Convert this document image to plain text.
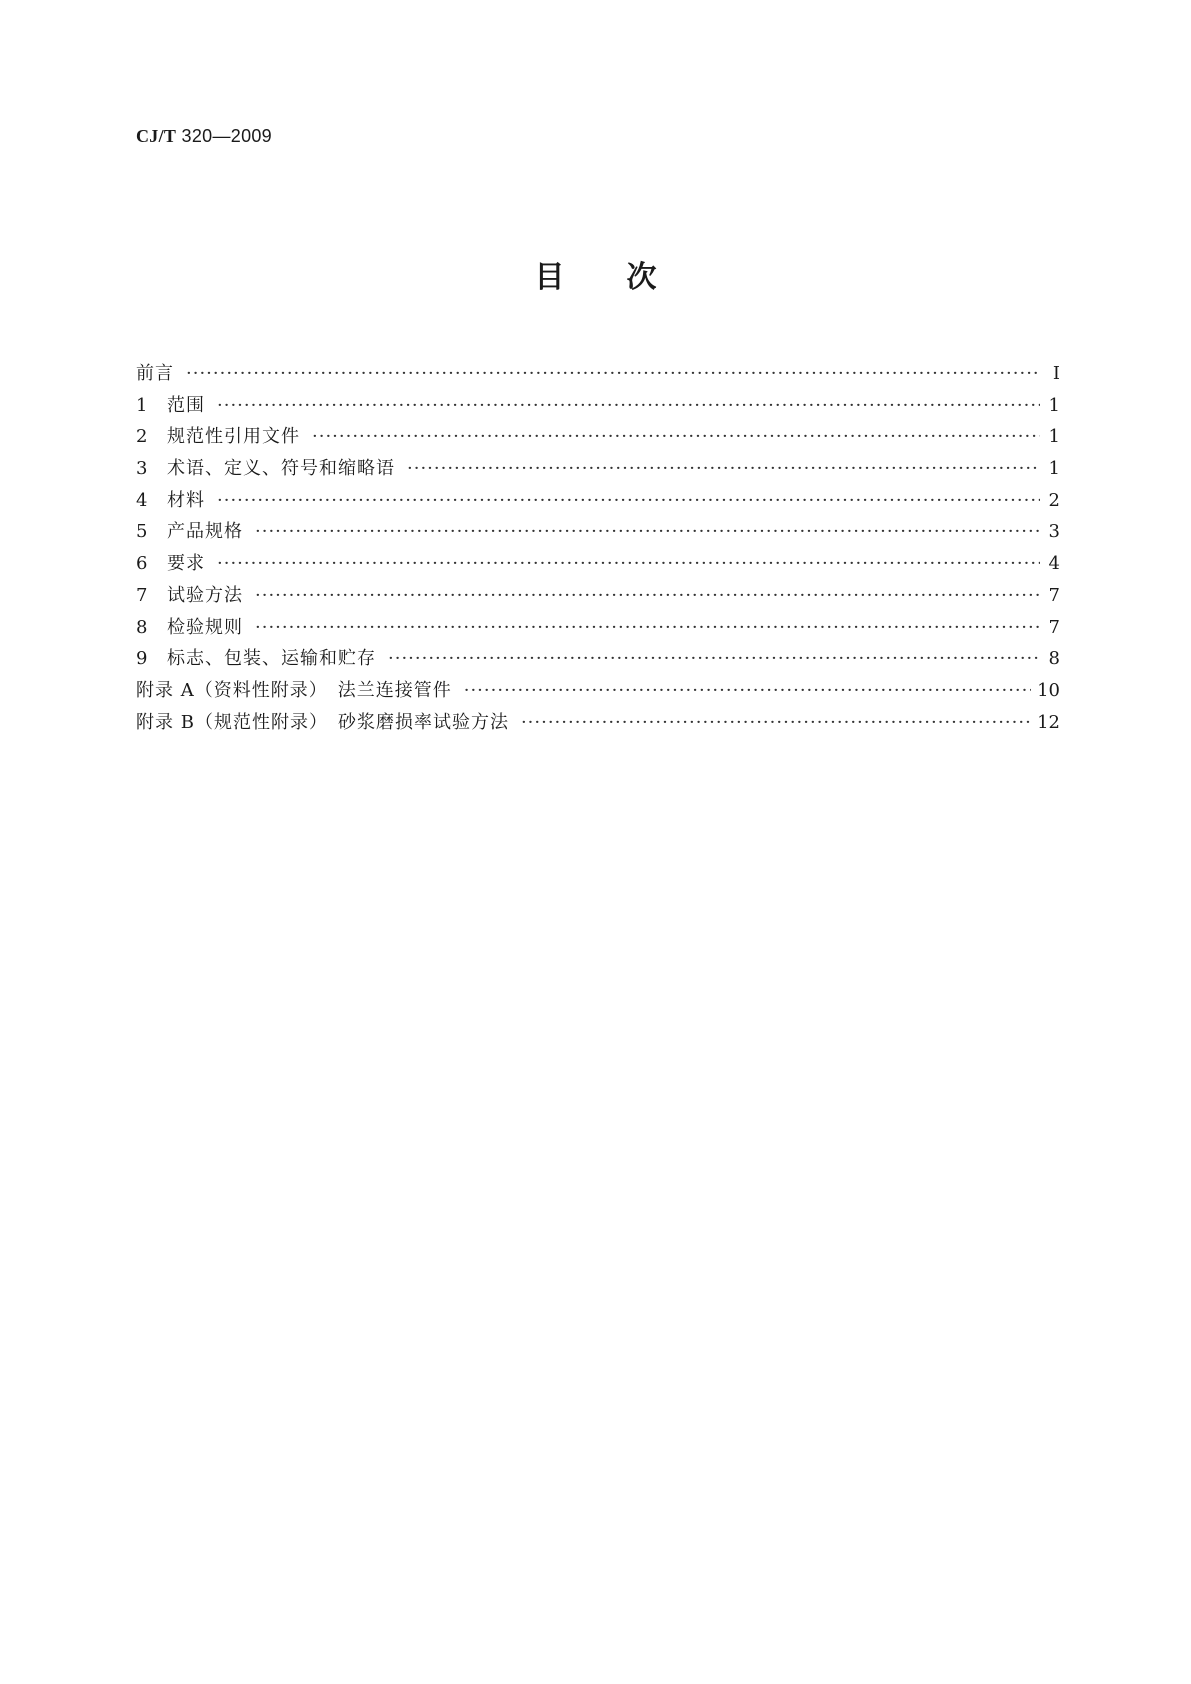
CJ/T 320—2009
目次
前言 ·····	Ⅰ
1	范围 ·····	1
2	规范性引用文件 ·····	1
3	术语、定义、符号和缩略语 ·····	1
4	材料 ·····	2
5	产品规格 ·····	3
6	要求 ·····	4
7	试验方法 ·····	7
8	检验规则 ·····	7
9	标志、包装、运输和贮存 ·····	8
附录 A（资料性附录）　法兰连接管件 ·····	10
附录 B（规范性附录）　砂浆磨损率试验方法 ·····	12
